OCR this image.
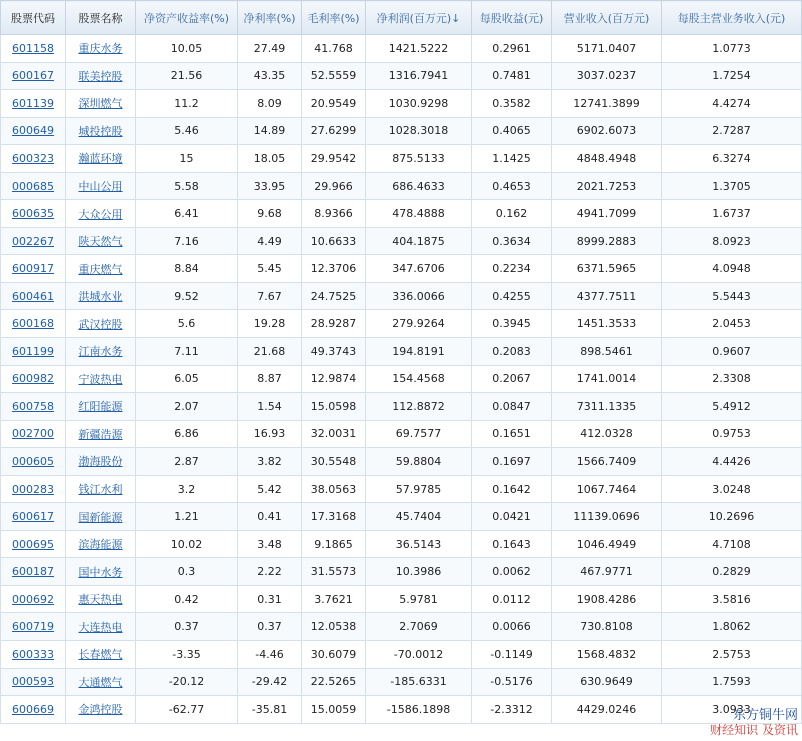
股票代码	股票名称	净资产收益率(%)	净利率(%)	毛利率(%)	净利润(百万元)↓	每股收益(元)	营业收入(百万元)	每股主营业务收入(元)
601158	重庆水务	10.05	27.49	41.768	1421.5222	0.2961	5171.0407	1.0773
600167	联美控股	21.56	43.35	52.5559	1316.7941	0.7481	3037.0237	1.7254
601139	深圳燃气	11.2	8.09	20.9549	1030.9298	0.3582	12741.3899	4.4274
600649	城投控股	5.46	14.89	27.6299	1028.3018	0.4065	6902.6073	2.7287
600323	瀚蓝环境	15	18.05	29.9542	875.5133	1.1425	4848.4948	6.3274
000685	中山公用	5.58	33.95	29.966	686.4633	0.4653	2021.7253	1.3705
600635	大众公用	6.41	9.68	8.9366	478.4888	0.162	4941.7099	1.6737
002267	陕天然气	7.16	4.49	10.6633	404.1875	0.3634	8999.2883	8.0923
600917	重庆燃气	8.84	5.45	12.3706	347.6706	0.2234	6371.5965	4.0948
600461	洪城水业	9.52	7.67	24.7525	336.0066	0.4255	4377.7511	5.5443
600168	武汉控股	5.6	19.28	28.9287	279.9264	0.3945	1451.3533	2.0453
601199	江南水务	7.11	21.68	49.3743	194.8191	0.2083	898.5461	0.9607
600982	宁波热电	6.05	8.87	12.9874	154.4568	0.2067	1741.0014	2.3308
600758	红阳能源	2.07	1.54	15.0598	112.8872	0.0847	7311.1335	5.4912
002700	新疆浩源	6.86	16.93	32.0031	69.7577	0.1651	412.0328	0.9753
000605	渤海股份	2.87	3.82	30.5548	59.8804	0.1697	1566.7409	4.4426
000283	钱江水利	3.2	5.42	38.0563	57.9785	0.1642	1067.7464	3.0248
600617	国新能源	1.21	0.41	17.3168	45.7404	0.0421	11139.0696	10.2696
000695	滨海能源	10.02	3.48	9.1865	36.5143	0.1643	1046.4949	4.7108
600187	国中水务	0.3	2.22	31.5573	10.3986	0.0062	467.9771	0.2829
000692	惠天热电	0.42	0.31	3.7621	5.9781	0.0112	1908.4286	3.5816
600719	大连热电	0.37	0.37	12.0538	2.7069	0.0066	730.8108	1.8062
600333	长春燃气	-3.35	-4.46	30.6079	-70.0012	-0.1149	1568.4832	2.5753
000593	大通燃气	-20.12	-29.42	22.5265	-185.6331	-0.5176	630.9649	1.7593
600669	金鸿控股	-62.77	-35.81	15.0059	-1586.1898	-2.3312	4429.0246	3.0933
东方铜牛网
财经知识 及资讯
